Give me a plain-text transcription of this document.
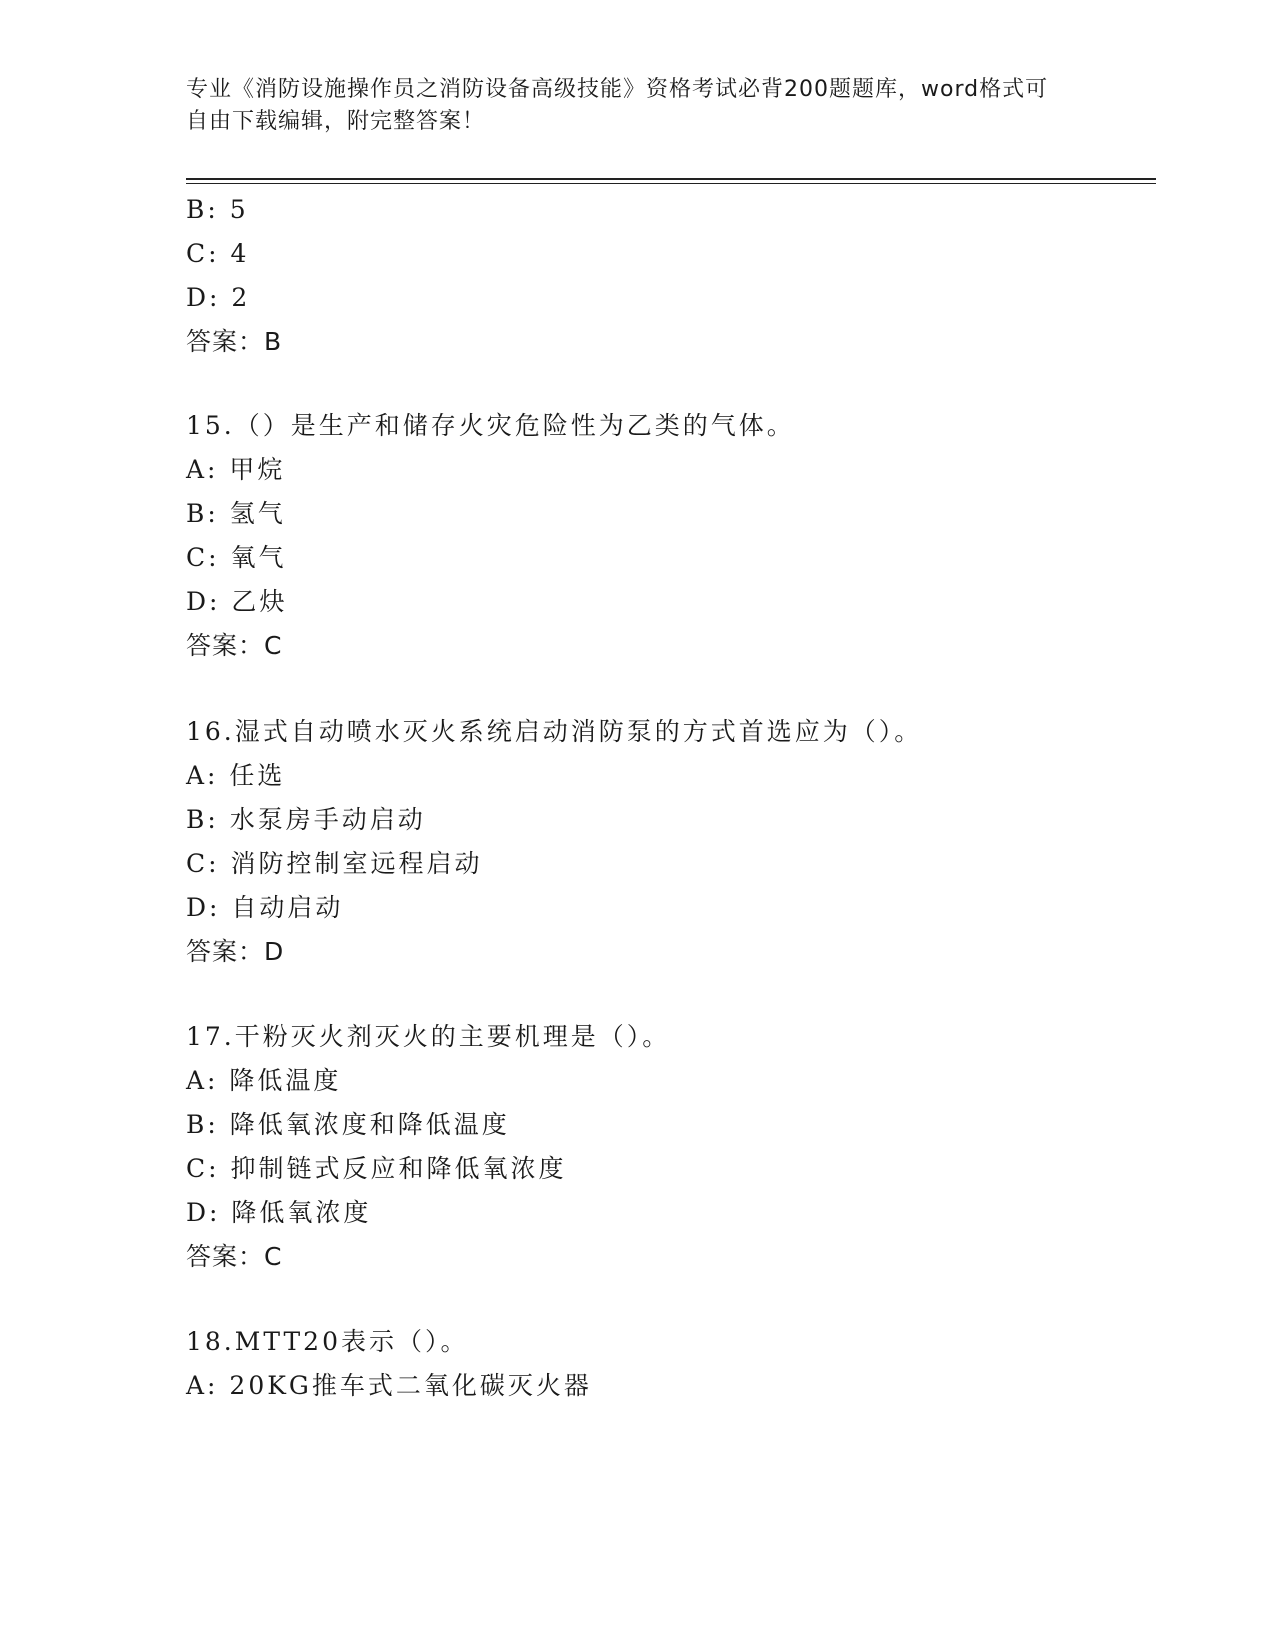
专业《消防设施操作员之消防设备高级技能》资格考试必背200题题库，word格式可自由下载编辑，附完整答案！
B: 5
C: 4
D: 2
答案：B
15.（）是生产和储存火灾危险性为乙类的气体。
A: 甲烷
B: 氢气
C: 氧气
D: 乙炔
答案：C
16.湿式自动喷水灭火系统启动消防泵的方式首选应为（）。
A: 任选
B: 水泵房手动启动
C: 消防控制室远程启动
D: 自动启动
答案：D
17.干粉灭火剂灭火的主要机理是（）。
A: 降低温度
B: 降低氧浓度和降低温度
C: 抑制链式反应和降低氧浓度
D: 降低氧浓度
答案：C
18.MTT20表示（）。
A: 20KG推车式二氧化碳灭火器
